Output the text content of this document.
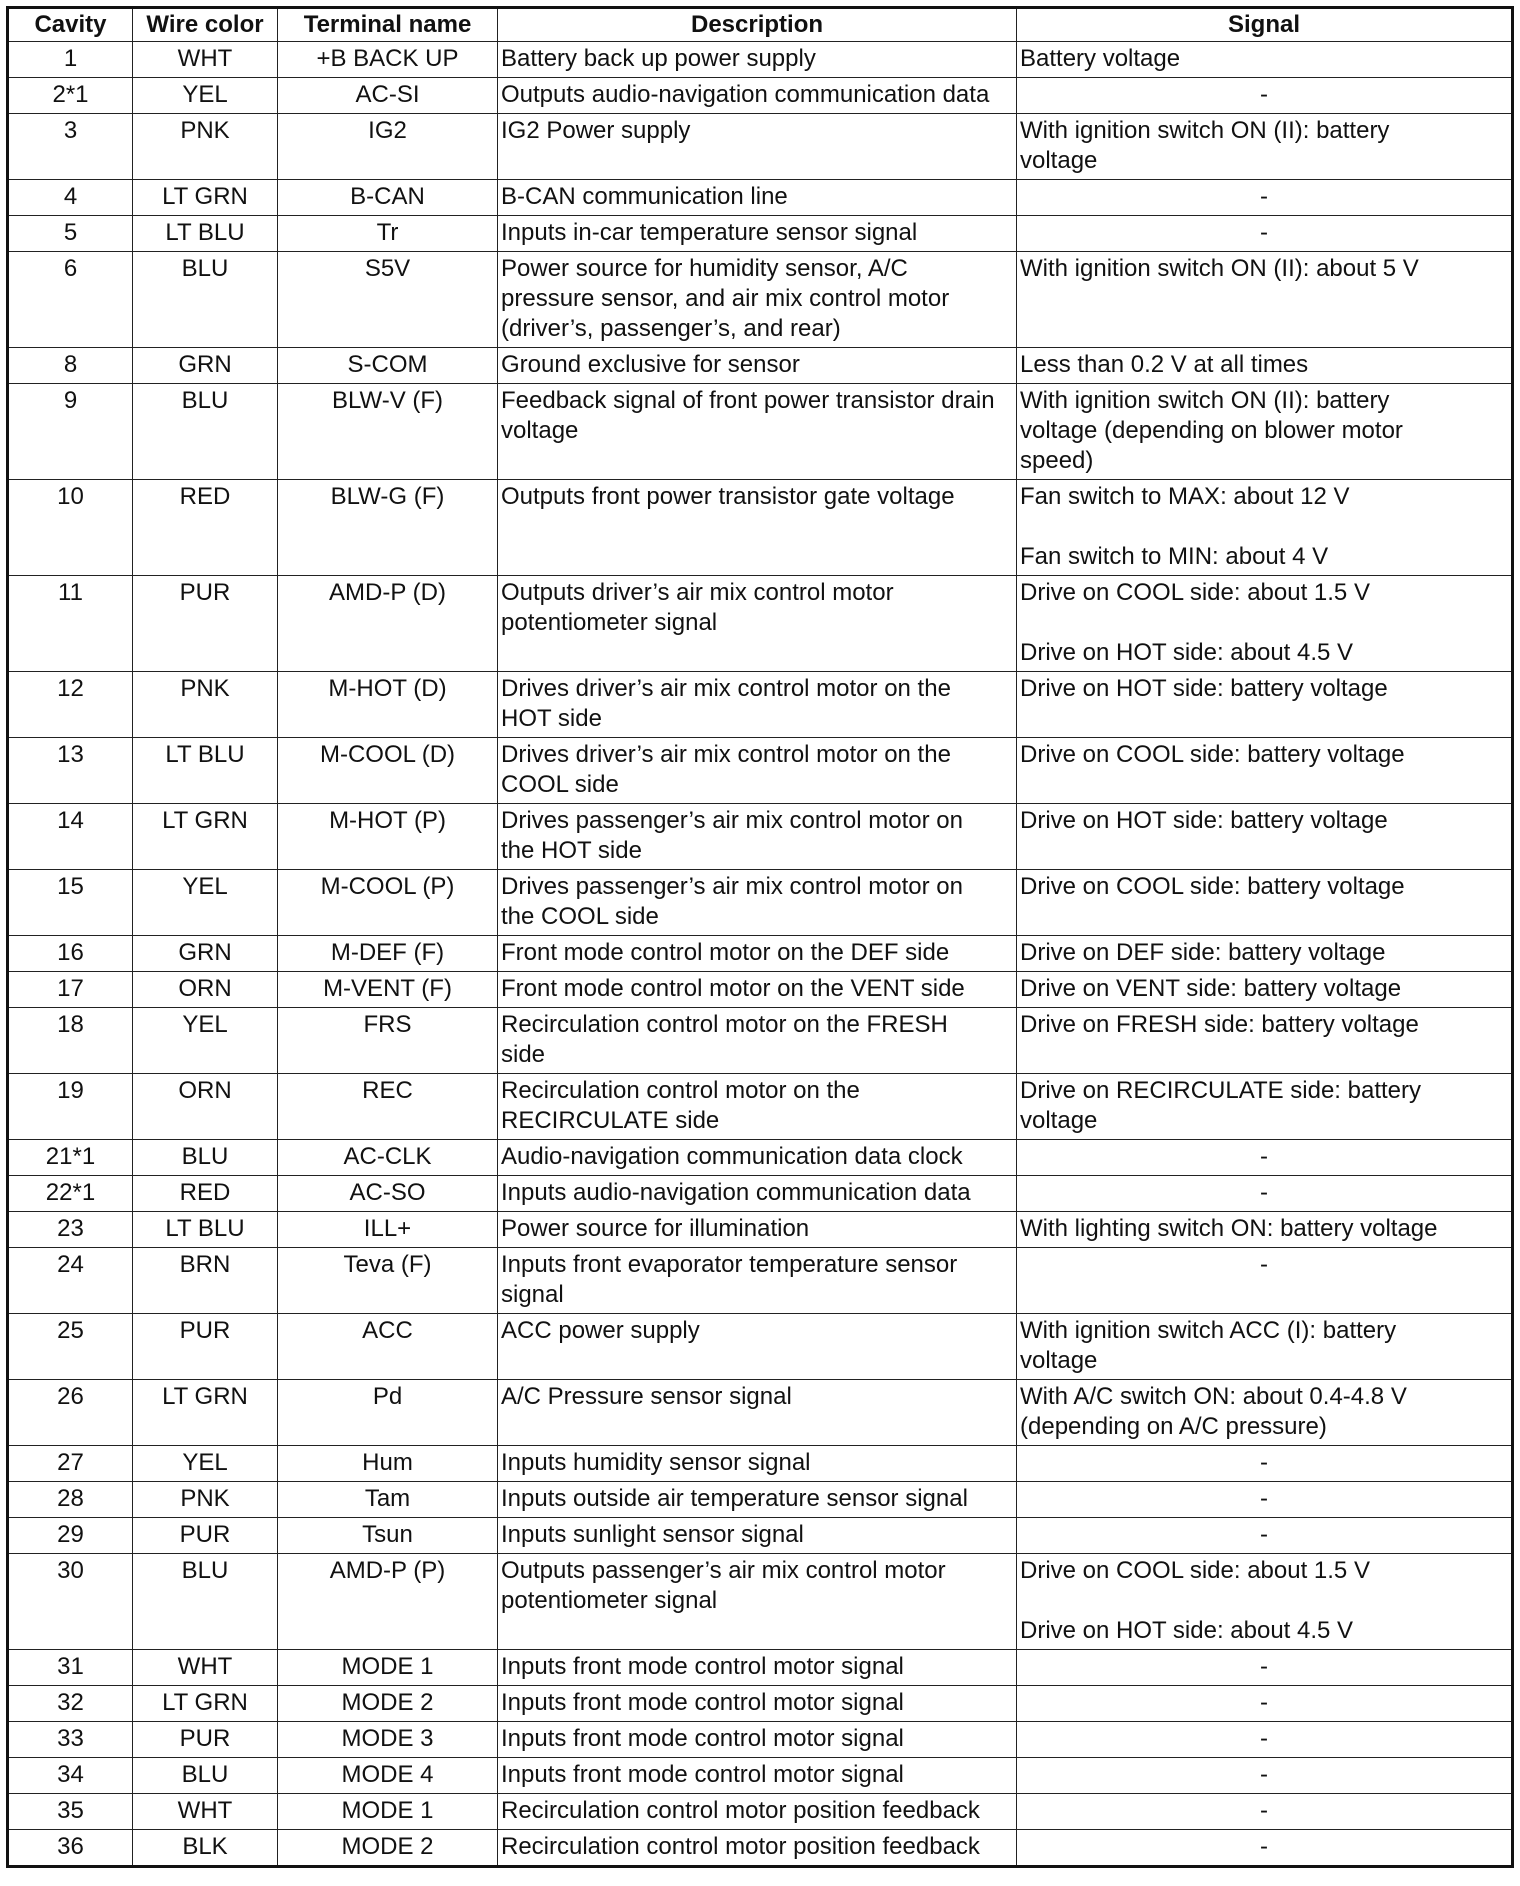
Cavity	Wire color	Terminal name	Description	Signal

1	WHT	+B BACK UP	Battery back up power supply	Battery voltage

2*1	YEL	AC-SI	Outputs audio-navigation communication data	-

3	PNK	IG2	IG2 Power supply	With ignition switch ON (II): battery
voltage

4	LT GRN	B-CAN	B-CAN communication line	-

5	LT BLU	Tr	Inputs in-car temperature sensor signal	-

6	BLU	S5V	Power source for humidity sensor, A/C
pressure sensor, and air mix control motor
(driver’s, passenger’s, and rear)	With ignition switch ON (II): about 5 V

8	GRN	S-COM	Ground exclusive for sensor	Less than 0.2 V at all times

9	BLU	BLW-V (F)	Feedback signal of front power transistor drain
voltage	With ignition switch ON (II): battery
voltage (depending on blower motor
speed)

10	RED	BLW-G (F)	Outputs front power transistor gate voltage	Fan switch to MAX: about 12 V

Fan switch to MIN: about 4 V

11	PUR	AMD-P (D)	Outputs driver’s air mix control motor
potentiometer signal	Drive on COOL side: about 1.5 V

Drive on HOT side: about 4.5 V

12	PNK	M-HOT (D)	Drives driver’s air mix control motor on the
HOT side	Drive on HOT side: battery voltage

13	LT BLU	M-COOL (D)	Drives driver’s air mix control motor on the
COOL side	Drive on COOL side: battery voltage

14	LT GRN	M-HOT (P)	Drives passenger’s air mix control motor on
the HOT side	Drive on HOT side: battery voltage

15	YEL	M-COOL (P)	Drives passenger’s air mix control motor on
the COOL side	Drive on COOL side: battery voltage

16	GRN	M-DEF (F)	Front mode control motor on the DEF side	Drive on DEF side: battery voltage

17	ORN	M-VENT (F)	Front mode control motor on the VENT side	Drive on VENT side: battery voltage

18	YEL	FRS	Recirculation control motor on the FRESH
side	Drive on FRESH side: battery voltage

19	ORN	REC	Recirculation control motor on the
RECIRCULATE side	Drive on RECIRCULATE side: battery
voltage

21*1	BLU	AC-CLK	Audio-navigation communication data clock	-

22*1	RED	AC-SO	Inputs audio-navigation communication data	-

23	LT BLU	ILL+	Power source for illumination	With lighting switch ON: battery voltage

24	BRN	Teva (F)	Inputs front evaporator temperature sensor
signal	-

25	PUR	ACC	ACC power supply	With ignition switch ACC (I): battery
voltage

26	LT GRN	Pd	A/C Pressure sensor signal	With A/C switch ON: about 0.4-4.8 V
(depending on A/C pressure)

27	YEL	Hum	Inputs humidity sensor signal	-

28	PNK	Tam	Inputs outside air temperature sensor signal	-

29	PUR	Tsun	Inputs sunlight sensor signal	-

30	BLU	AMD-P (P)	Outputs passenger’s air mix control motor
potentiometer signal	Drive on COOL side: about 1.5 V

Drive on HOT side: about 4.5 V

31	WHT	MODE 1	Inputs front mode control motor signal	-

32	LT GRN	MODE 2	Inputs front mode control motor signal	-

33	PUR	MODE 3	Inputs front mode control motor signal	-

34	BLU	MODE 4	Inputs front mode control motor signal	-

35	WHT	MODE 1	Recirculation control motor position feedback	-

36	BLK	MODE 2	Recirculation control motor position feedback	-
